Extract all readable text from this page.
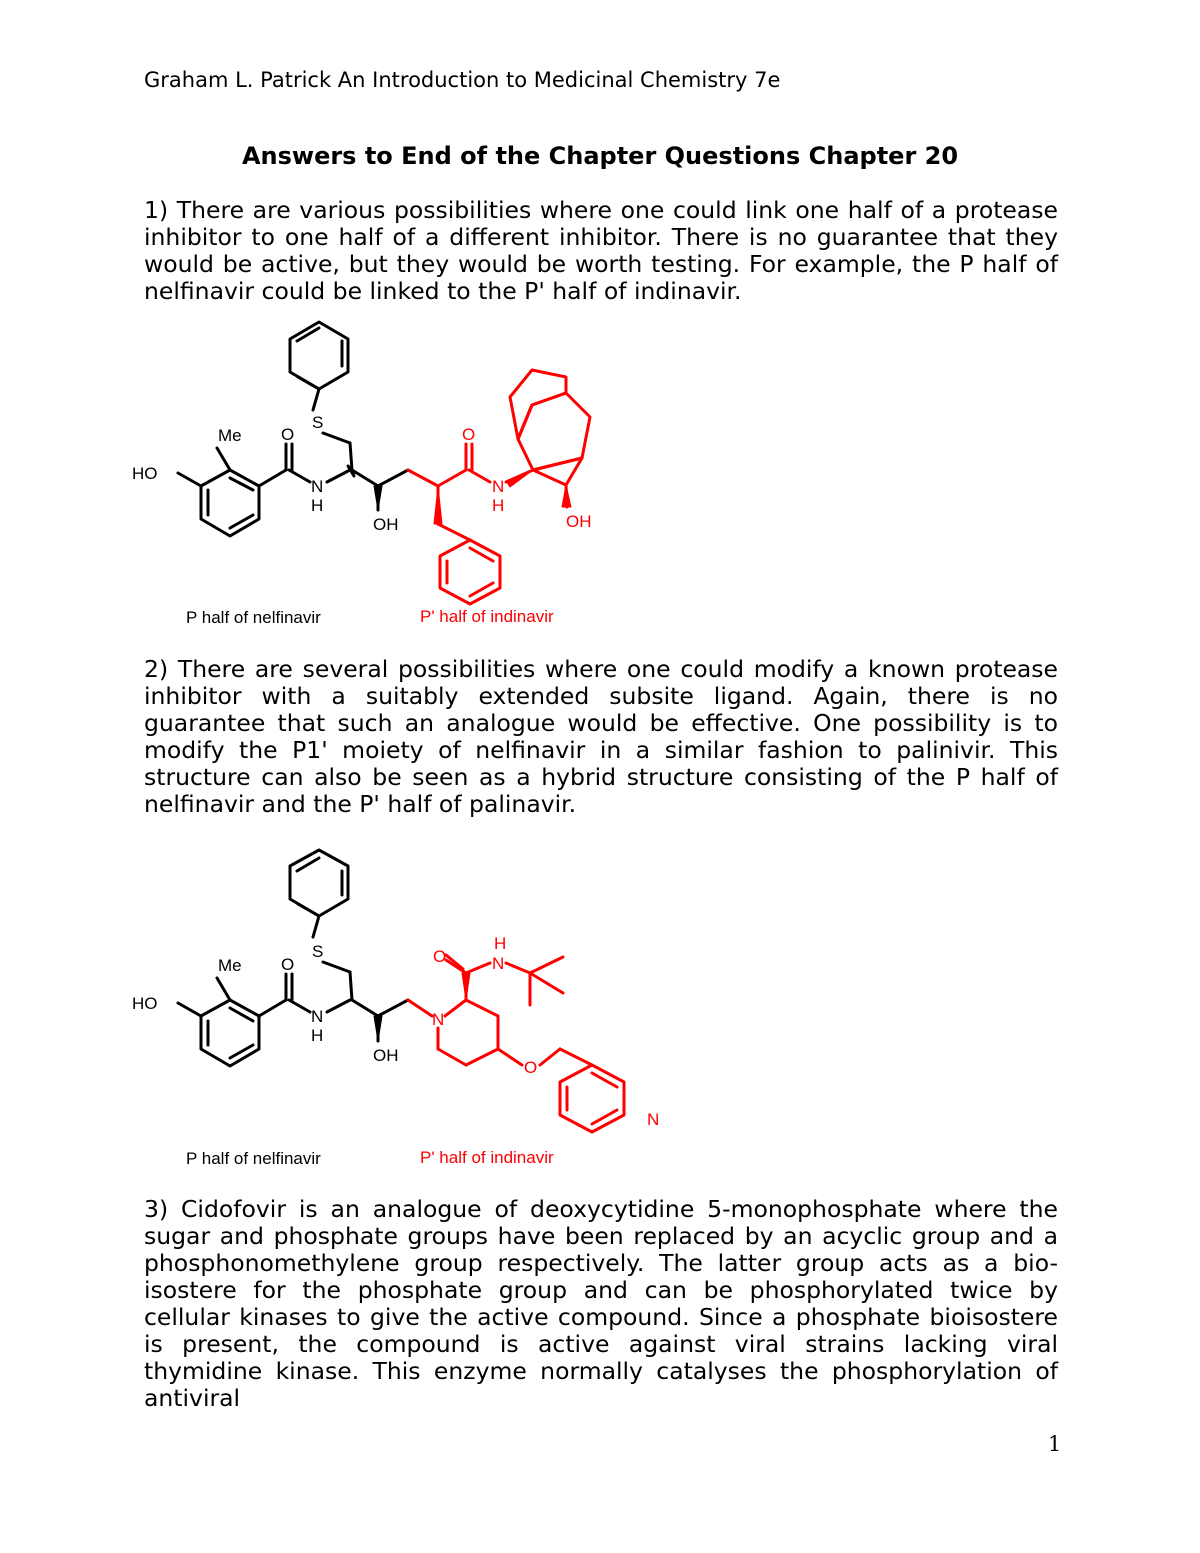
Graham L. Patrick An Introduction to Medicinal Chemistry 7e
Answers to End of the Chapter Questions Chapter 20

1) There are various possibilities where one could link one half of a protease inhibitor to one half of a different inhibitor. There is no guarantee that they would be active, but they would be worth testing. For example, the P half of nelfinavir could be linked to the P' half of indinavir.

Me
HO
O
N
H
S
OH
O
N
H
OH
P half of nelfinavir	P' half of indinavir

2) There are several possibilities where one could modify a known protease inhibitor with a suitably extended subsite ligand. Again, there is no guarantee that such an analogue would be effective. One possibility is to modify the P1' moiety of nelfinavir in a similar fashion to palinivir. This structure can also be seen as a hybrid structure consisting of the P half of nelfinavir and the P' half of palinavir.

Me
HO
O
N
H
S
OH
N
O	N
H
O
N
P half of nelfinavir	P' half of indinavir

3) Cidofovir is an analogue of deoxycytidine 5-monophosphate where the sugar and phosphate groups have been replaced by an acyclic group and a phosphonomethylene group respectively. The latter group acts as a bio-isostere for the phosphate group and can be phosphorylated twice by cellular kinases to give the active compound. Since a phosphate bioisostere is present, the compound is active against viral strains lacking viral thymidine kinase. This enzyme normally catalyses the phosphorylation of antiviral

1
